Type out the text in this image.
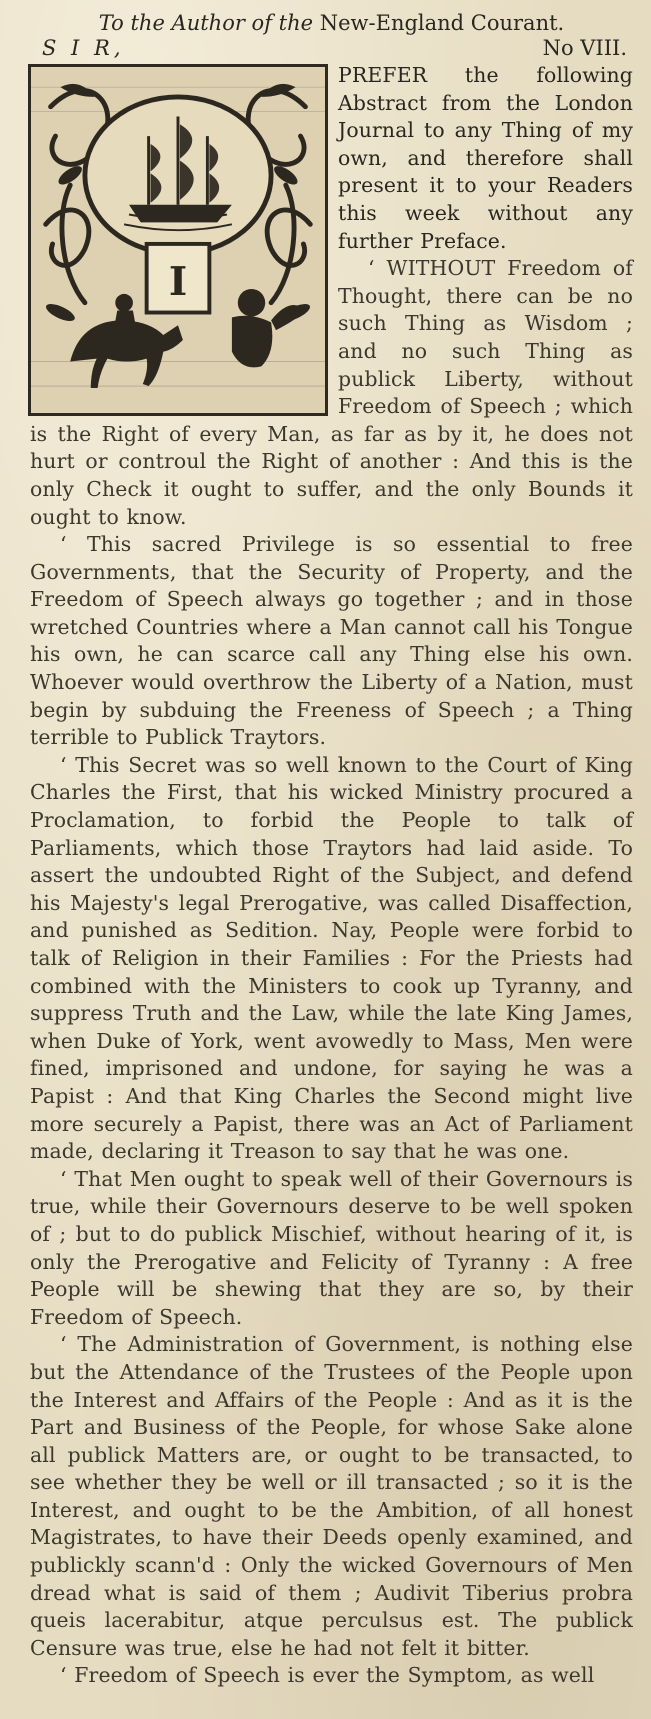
To the Author of the New-England Courant.
S I R,	No VIII.
I

PREFER the following Abstract from the London Journal to any Thing of my own, and therefore shall present it to your Readers this week without any further Preface.

‘ WITHOUT Freedom of Thought, there can be no such Thing as Wisdom ; and no such Thing as publick Liberty, without Freedom of Speech ; which is the Right of every Man, as far as by it, he does not hurt or controul the Right of another : And this is the only Check it ought to suffer, and the only Bounds it ought to know.

‘ This sacred Privilege is so essential to free Governments, that the Security of Property, and the Freedom of Speech always go together ; and in those wretched Countries where a Man cannot call his Tongue his own, he can scarce call any Thing else his own. Whoever would overthrow the Liberty of a Nation, must begin by subduing the Freeness of Speech ; a Thing terrible to Publick Traytors.

‘ This Secret was so well known to the Court of King Charles the First, that his wicked Ministry procured a Proclamation, to forbid the People to talk of Parliaments, which those Traytors had laid aside. To assert the undoubted Right of the Subject, and defend his Majesty's legal Prerogative, was called Disaffection, and punished as Sedition. Nay, People were forbid to talk of Religion in their Families : For the Priests had combined with the Ministers to cook up Tyranny, and suppress Truth and the Law, while the late King James, when Duke of York, went avowedly to Mass, Men were fined, imprisoned and undone, for saying he was a Papist : And that King Charles the Second might live more securely a Papist, there was an Act of Parliament made, declaring it Treason to say that he was one.

‘ That Men ought to speak well of their Governours is true, while their Governours deserve to be well spoken of ; but to do publick Mischief, without hearing of it, is only the Prerogative and Felicity of Tyranny : A free People will be shewing that they are so, by their Freedom of Speech.

‘ The Administration of Government, is nothing else but the Attendance of the Trustees of the People upon the Interest and Affairs of the People : And as it is the Part and Business of the People, for whose Sake alone all publick Matters are, or ought to be transacted, to see whether they be well or ill transacted ; so it is the Interest, and ought to be the Ambition, of all honest Magistrates, to have their Deeds openly examined, and publickly scann'd : Only the wicked Governours of Men dread what is said of them ; Audivit Tiberius probra queis lacerabitur, atque perculsus est. The publick Censure was true, else he had not felt it bitter.

‘ Freedom of Speech is ever the Symptom, as well
